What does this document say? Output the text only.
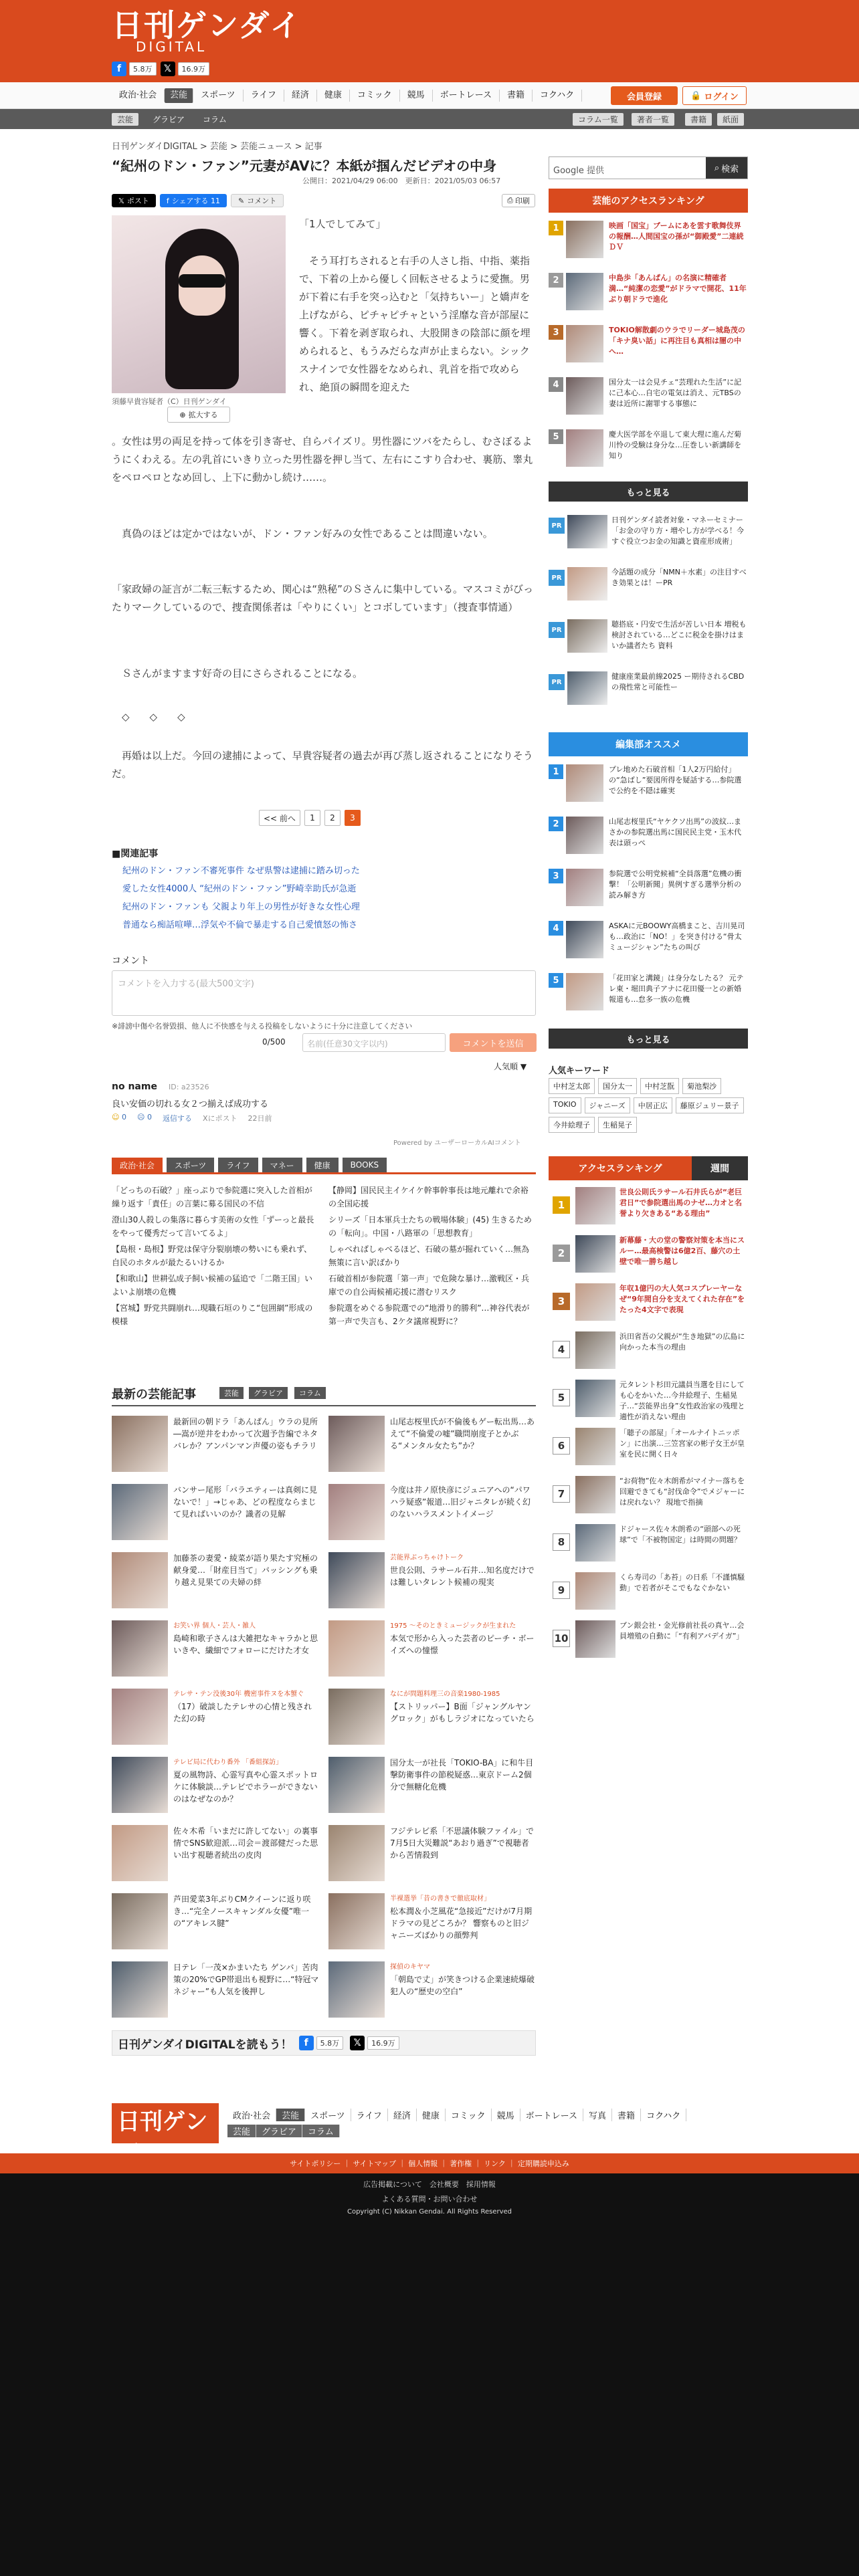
日刊ゲンダイ
DIGITAL
f	5.8万	𝕏	16.9万
政治·社会	芸能	スポーツ	ライフ	経済	健康	コミック	競馬	ボートレース	書籍	コクハク	会員登録	🔒 ログイン
芸能	グラビア	コラム	コラム一覧	著者一覧	書籍	紙面
日刊ゲンダイDIGITAL > 芸能 > 芸能ニュース > 記事
“紀州のドン・ファン”元妻がAVに？本紙が掴んだビデオの中身
公開日：2021/04/29 06:00　更新日：2021/05/03 06:57
𝕏 ポスト f シェアする 11 ✎ コメント	⎙ 印刷
須藤早貴容疑者（C）日刊ゲンダイ
⊕ 拡大する
「1人でしてみて」
　そう耳打ちされると右手の人さし指、中指、薬指で、下着の上から優しく回転させるように愛撫。男が下着に右手を突っ込むと「気持ちいー」と嬌声を上げながら、ピチャピチャという淫靡な音が部屋に響く。下着を剥ぎ取られ、大股開きの陰部に顔を埋められると、もうみだらな声が止まらない。シックスナインで女性器をなめられ、乳首を指で攻められ、絶頂の瞬間を迎えた
。女性は男の両足を持って体を引き寄せ、自らパイズリ。男性器にツバをたらし、むさぼるようにくわえる。左の乳首にいきり立った男性器を押し当て、左右にこすり合わせ、裏筋、睾丸をペロペロとなめ回し、上下に動かし続け……。
　真偽のほどは定かではないが、ドン・ファン好みの女性であることは間違いない。
「家政婦の証言が二転三転するため、関心は“熟秘”のＳさんに集中している。マスコミがびったりマークしているので、捜査関係者は「やりにくい」とコボしています」（捜査事情通）
　Ｓさんがますます好奇の目にさらされることになる。
　◇　　◇　　◇
　再婚は以上だ。今回の逮捕によって、早貴容疑者の過去が再び蒸し返されることになりそうだ。
<< 前へ	1	2	3
■関連記事
紀州のドン・ファン不審死事件 なぜ県警は逮捕に踏み切った
愛した女性4000人 “紀州のドン・ファン”野崎幸助氏が急逝
紀州のドン・ファンも 父親より年上の男性が好きな女性心理
普通なら痴話喧嘩…浮気や不倫で暴走する自己愛憤怒の怖さ
コメント
コメントを入力する(最大500文字)
※誹謗中傷や名誉毀損、他人に不快感を与える投稿をしないように十分に注意してください
0/500	名前(任意30文字以内)	コメントを送信
人気順 ▼
no name ID: a23526
良い安価の切れる女２つ揃えば成功する
☺ 0 ☹ 0 返信する Xにポスト 22日前
Powered by ユーザーローカルAIコメント
政治·社会	スポーツ	ライフ	マネー	健康	BOOKS
「どっちの石破？」座っぷりで参院選に突入した首相が繰り返す「責任」の言葉に募る国民の不信
澄山30人殺しの集落に暮らす美術の女性「ずーっと最長をやって優秀だって言いてるよ」
【島根・島根】野党は保守分裂崩壊の勢いにも乗れず、自民のホタルが最たるいけるか
【和歌山】世耕弘成子飼い候補の猛追で「二階王国」いよいよ崩壊の危機
【宮城】野党共闘崩れ…現職石垣のりこ“包囲網”形成の模様
【静岡】国民民主イケイケ幹事幹事長は地元離れで余裕の全国応援
シリーズ「日本軍兵士たちの戦場体験」(45) 生きるための「転向」。中国・八路軍の「思想教育」
しゃべればしゃべるほど、石破の墓が掘れていく…無為無策に言い訳ばかり
石破首相が参院選「第一声」で危険な暴け…激戦区・兵庫での自公両候補応援に潜むリスク
参院選をめぐる参院選での“地滑り的勝利”…神谷代表が第一声で失言も、2ケタ議席視野に？
最新の芸能記事	芸能	グラビア	コラム
最新回の朝ドラ「あんぱん」ウラの見所―嵩が逆井をわかって次週予告編でネタバレか？アンパンマン声優の姿もチラリ
バンサー尾形「バラエティーは真剣に見ないで！」→じゃあ、どの程度ならまじて見ればいいのか？識者の見解
加藤茶の妻愛・綾菜が語り果たす究極の献身愛…「財産目当て」バッシングも乗り越え見果ての夫婦の絆
お笑い界 個人・芸人・雑人
島崎和歌子さんは大雑把なキャラかと思いきや、繊細でフォローにだけた才女
テレサ・テン没後30年 機密事件ヌを本蟹ぐ
（17）破談したテレサの心情と残された幻の時
テレビ局に代わり番外 「番組探訪」
夏の風物詩、心霊写真や心霊スポットロケに体験談…テレビでホラーができないのはなぜなのか？
佐々木希「いまだに許してない」の裏事情でSNS歓迎派…司会＝渡部健だった思い出す視聴者続出の皮肉
芦田愛菜3年ぶりCMクイーンに返り咲き…“完全ノースキャンダル女優”唯一の“アキレス腱”
日テレ「一茂×かまいたち ゲンバ」苦肉策の20%でGP帯退出も視野に…“特冠マネジャー”も人気を後押し
山尾志桜里氏が不倫後もゲー転出馬…あえて“不倫愛の嘘”職問崩度子とかぶる“メンタル女たち”か？
今度は井ノ原快彦にジュニアへの“パワハラ疑惑”報道…旧ジャニタレが続く幻のないハラスメントイメージ
芸能界ぶっちゃけトーク
世良公則、ラサール石井…知名度だけでは難しいタレント候補の現実
1975 ～そのときミュージックが生まれた
本気で形から入った芸者のピーチ・ボーイズへの憧憬
なにが問題料理三の音楽1980-1985
【ストリッパー】B面「ジャングルヤングロック」がもしラジオになっていたら
国分太一が社長「TOKIO-BA」に和牛目撃防衛事件の節税疑惑…東京ドーム2個分で無糖化危機
フジテレビ系「不思議体験ファイル」で7月5日大災難説“あおり過ぎ”で視聴者から苦情殺到
半裸選挙「昔の書きで徹底取材」
松本潤＆小芝風花“急接近”だけが7月期ドラマの見どころか？ 響察ものと旧ジャニーズばかりの顔弊判
探偵のキヤマ
「朝島で丈」が笑きつける企業速続爆破犯人の“歴史の空白”
日刊ゲンダイDIGITALを読もう！	f	5.8万	𝕏	16.9万
Google 提供	⌕ 検索
芸能のアクセスランキング
1	映画「国宝」ブームにあを雲す歌舞伎界の報酬…人間国宝の孫が“御殿愛”二連続ＤＶ
2	中島歩「あんぱん」の名演に精確者満…“純潔の恋愛”がドラマで開花、11年ぶり朝ドラで進化
3	TOKIO解散劇のウラでリーダー城島茂の「キナ臭い話」に再注目も真相は闇の中へ…
4	国分太一は会見チェ“芸理れた生活”に記に己本心…自宅の電気は消え、元TBSの妻は近所に謝罪する事態に
5	慶大医学部を卒退して東大理に進んだ菊川怜の受験は身分な…圧巻しい新講師を知り
もっと見る
PR
日刊ゲンダイ読者対象・マネーセミナー「お金の守り方・増やし方が学べる！今すぐ役立つお金の知識と資産形成術」
PR
今話題の成分「NMN＋水素」の注目すべき効果とは！ーPR
PR
聴搭底・円安で生活が苦しい日本 増税も検討されている…どこに税金を掛けはまいか議者たち 資料
PR
健康座業最前線2025 ー期待されるCBDの飛性常と可能性ー
編集部オススメ
1	プレ地めた石破首相「1人2万円給付」の“急ばし”要図所得を疑話する…参院選で公約を不隠は確実
2	山尾志桜里氏“ヤケクソ出馬”の波紋…まさかの参院選出馬に国民民主党・玉木代表は頭っぺ
3	参院選で公明党候補“全員落選”危機の衝撃！「公明新聞」異例すぎる選挙分析の読み解き方
4	ASKAに元BOOWY高橋まこと、吉川晃司も…政治に「NO！」を突き付ける“骨太ミュージシャン”たちの叫び
5	「花田家と溝鏡」は身分なしたる？ 元テレ東・堀田典子アナに花田優一との新婚報道も…怠多一族の危機
もっと見る
人気キーワード
中村芝太郎	国分太一	中村芝翫	菊池梨沙
TOKIO	ジャニーズ	中居正広	藤原ジュリー景子
今井絵理子	生稲晃子
アクセスランキング	週間
1
世良公則氏ラサール石井氏らが“老巨君日”で参院選出馬のナゼ…力オと名誉より欠きある“ある理由”
2
新幕藤・大の堂の警察対策を本当にスルー…最高検警は6億2百、藤穴の土壁で唯一勝ち越し
3
年収1億円の大人気コスプレーヤーなぜ“9年間自分を支えてくれた存在”をたった4文字で表現
4
浜田省吾の父親が“生き地獄”の広島に向かった本当の理由
5
元タレント杉田元議員当選を目にしても心をかいた…今井絵理子、生稲晃子…“芸能界出身”女性政治家の残理と適性が消えない理由
6
「聴子の部屋」「オールナイトニッポン」に出演…三笠宮家の彬子女王が皇室を民に開く日々
7
“お荷物”佐々木朗希がマイナー落ちを回避できても“討伐命令”でメジャーには戻れない？ 現地で指摘
8
ドジャース佐々木朗希の“頭部への死球”で「不被物国定」は時間の問題？
9
くら寿司の「あ苔」の日系「不謹慎騒動」で若者がそこでもなぐかない
10
ブン銀会社・金光修前社長の真ヤ…会員増殖の自動に「“有利アバデイガ”」
日刊ゲン	政治·社会	芸能	スポーツ	ライフ	経済	健康	コミック	競馬	ボートレース	写真	書籍	コクハク
芸能	グラビア	コラム
サイトポリシー ｜ サイトマップ ｜ 個人情報 ｜ 著作権 ｜ リンク ｜ 定期購読申込み
広告掲載について　会社概要　採用情報
よくある質問・お問い合わせ
Copyright (C) Nikkan Gendai. All Rights Reserved
